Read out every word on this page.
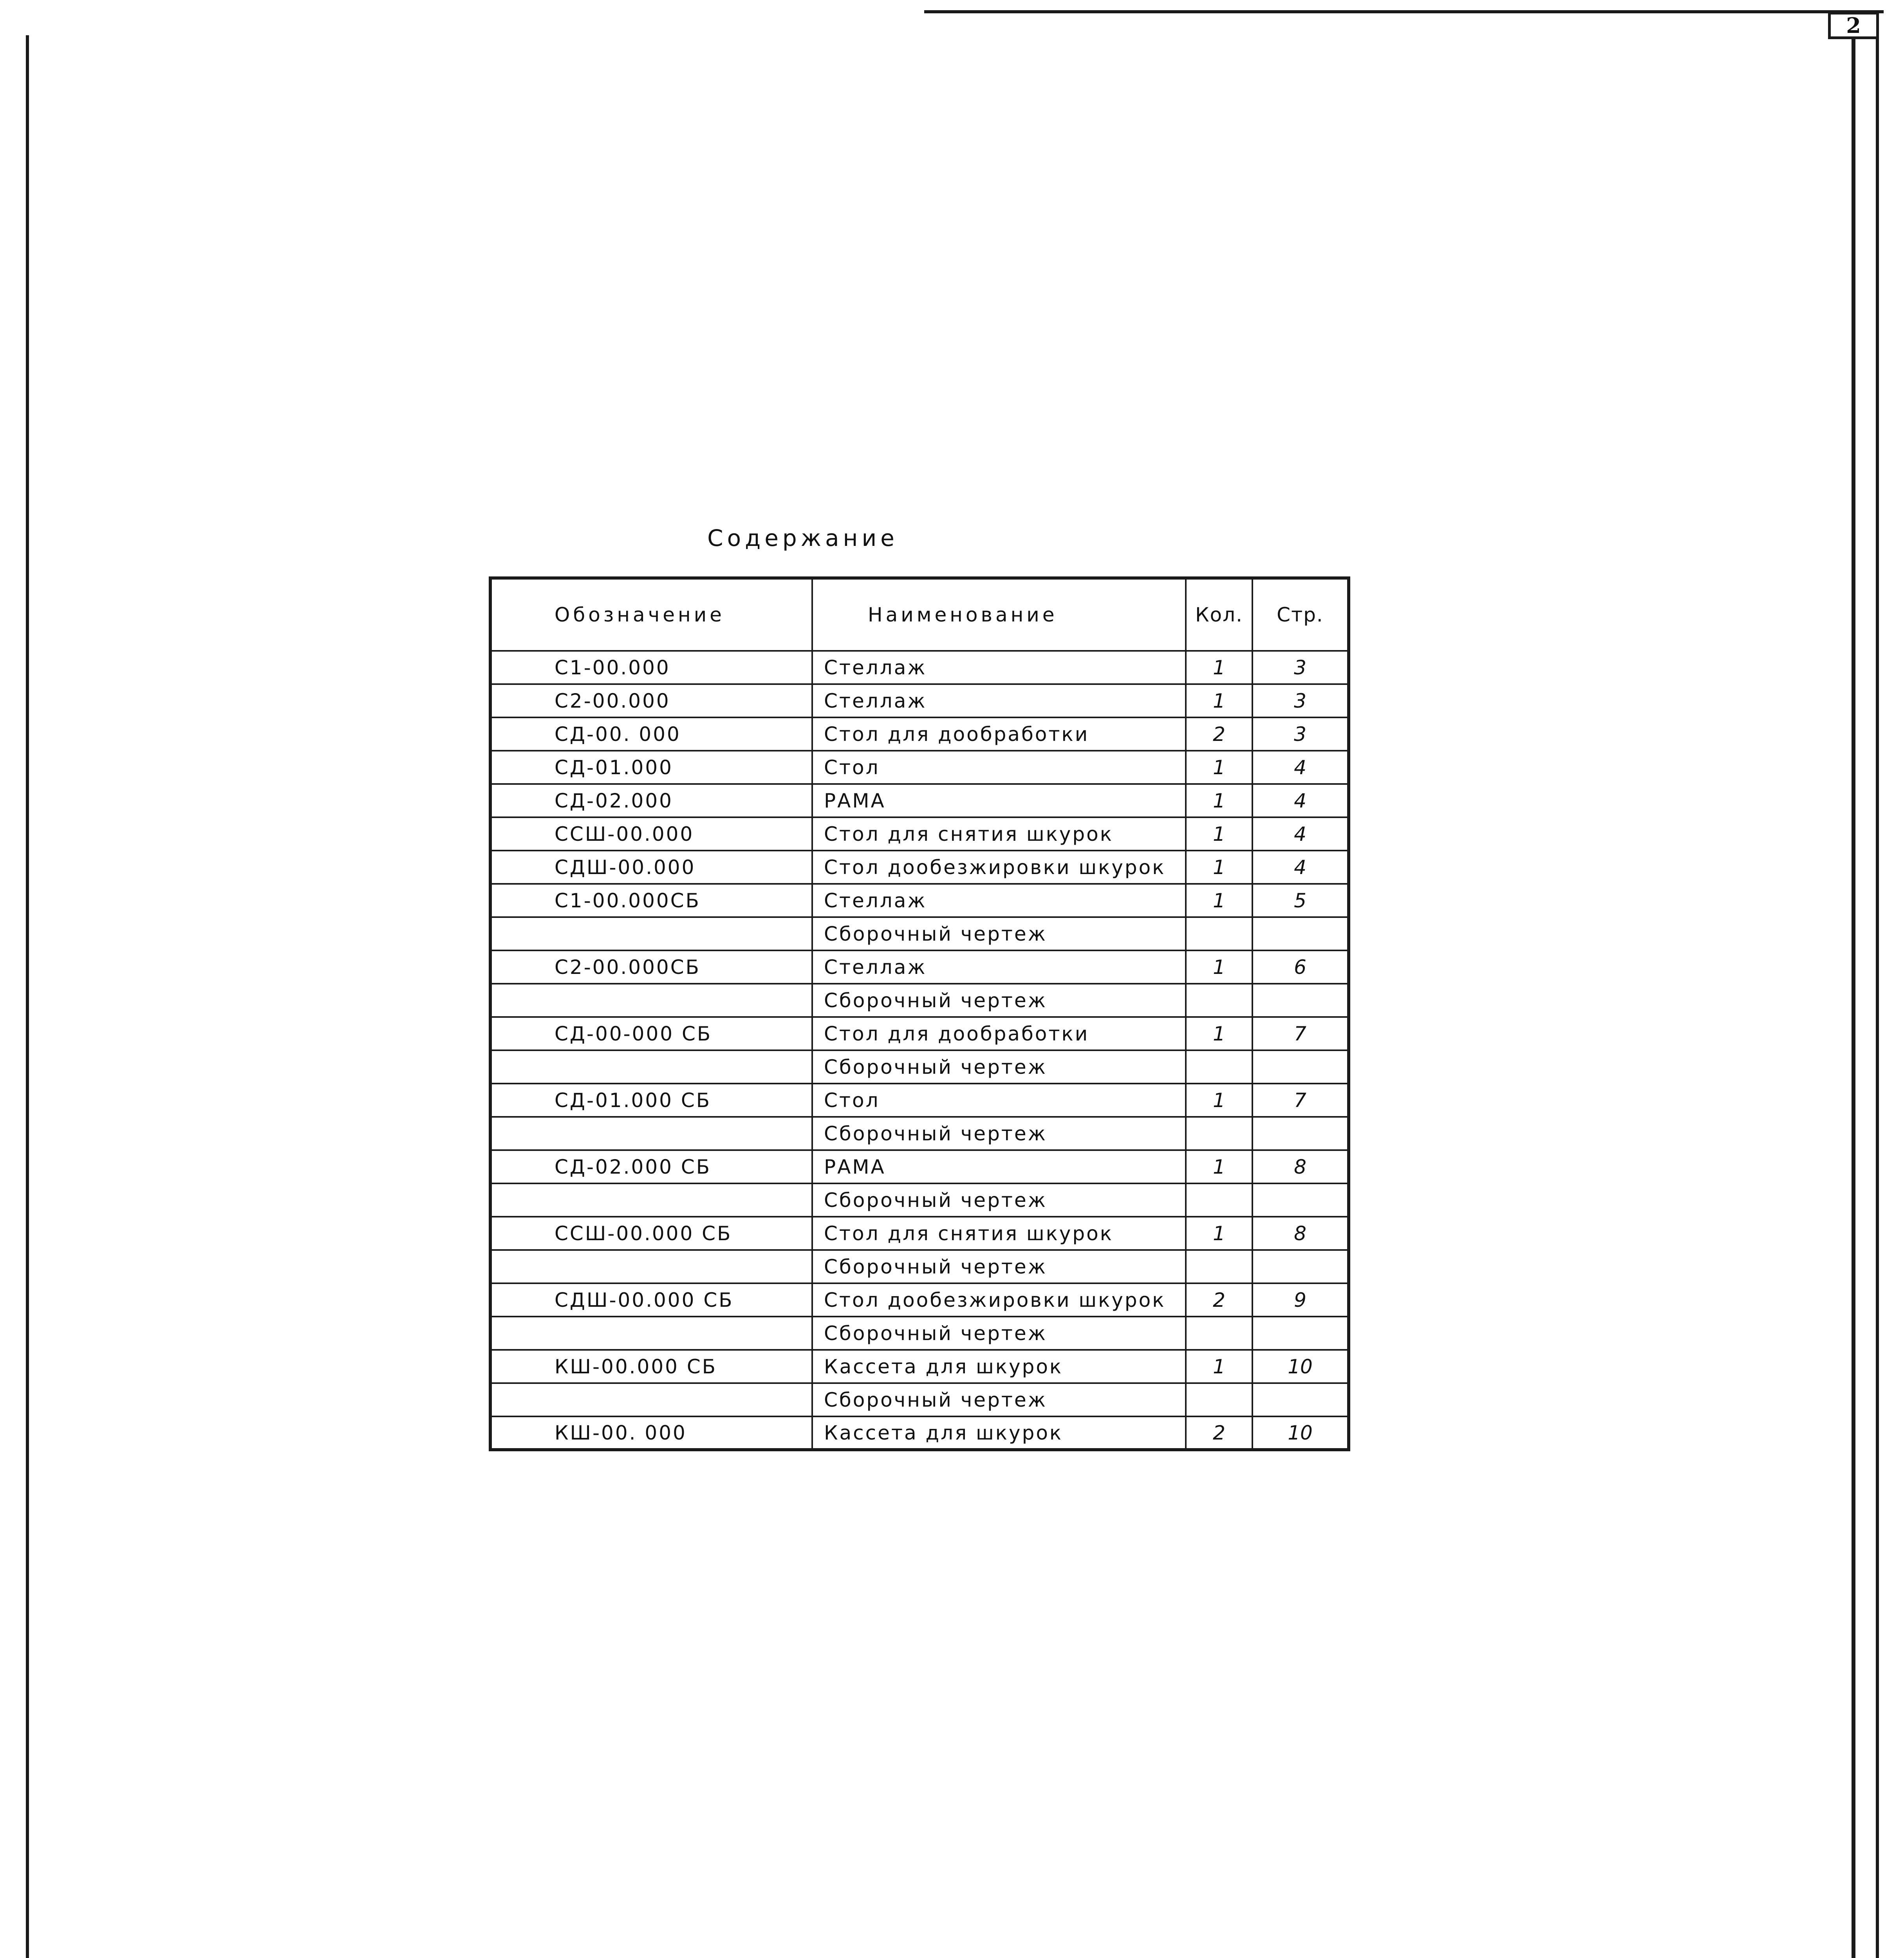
2
Содержание
Обозначение	Наименование	Кол.	Стр.
С1-00.000	Стеллаж	1	3
С2-00.000	Стеллаж	1	3
СД-00. 000	Стол для дообработки	2	3
СД-01.000	Стол	1	4
СД-02.000	РАМА	1	4
ССШ-00.000	Стол для снятия шкурок	1	4
СДШ-00.000	Стол дообезжировки шкурок	1	4
С1-00.000СБ	Стеллаж	1	5
	Сборочный чертеж		
С2-00.000СБ	Стеллаж	1	6
	Сборочный чертеж		
СД-00-000 СБ	Стол для дообработки	1	7
	Сборочный чертеж		
СД-01.000 СБ	Стол	1	7
	Сборочный чертеж		
СД-02.000 СБ	РАМА	1	8
	Сборочный чертеж		
ССШ-00.000 СБ	Стол для снятия шкурок	1	8
	Сборочный чертеж		
СДШ-00.000 СБ	Стол дообезжировки шкурок	2	9
	Сборочный чертеж		
КШ-00.000 СБ	Кассета для шкурок	1	10
	Сборочный чертеж		
КШ-00. 000	Кассета для шкурок	2	10
